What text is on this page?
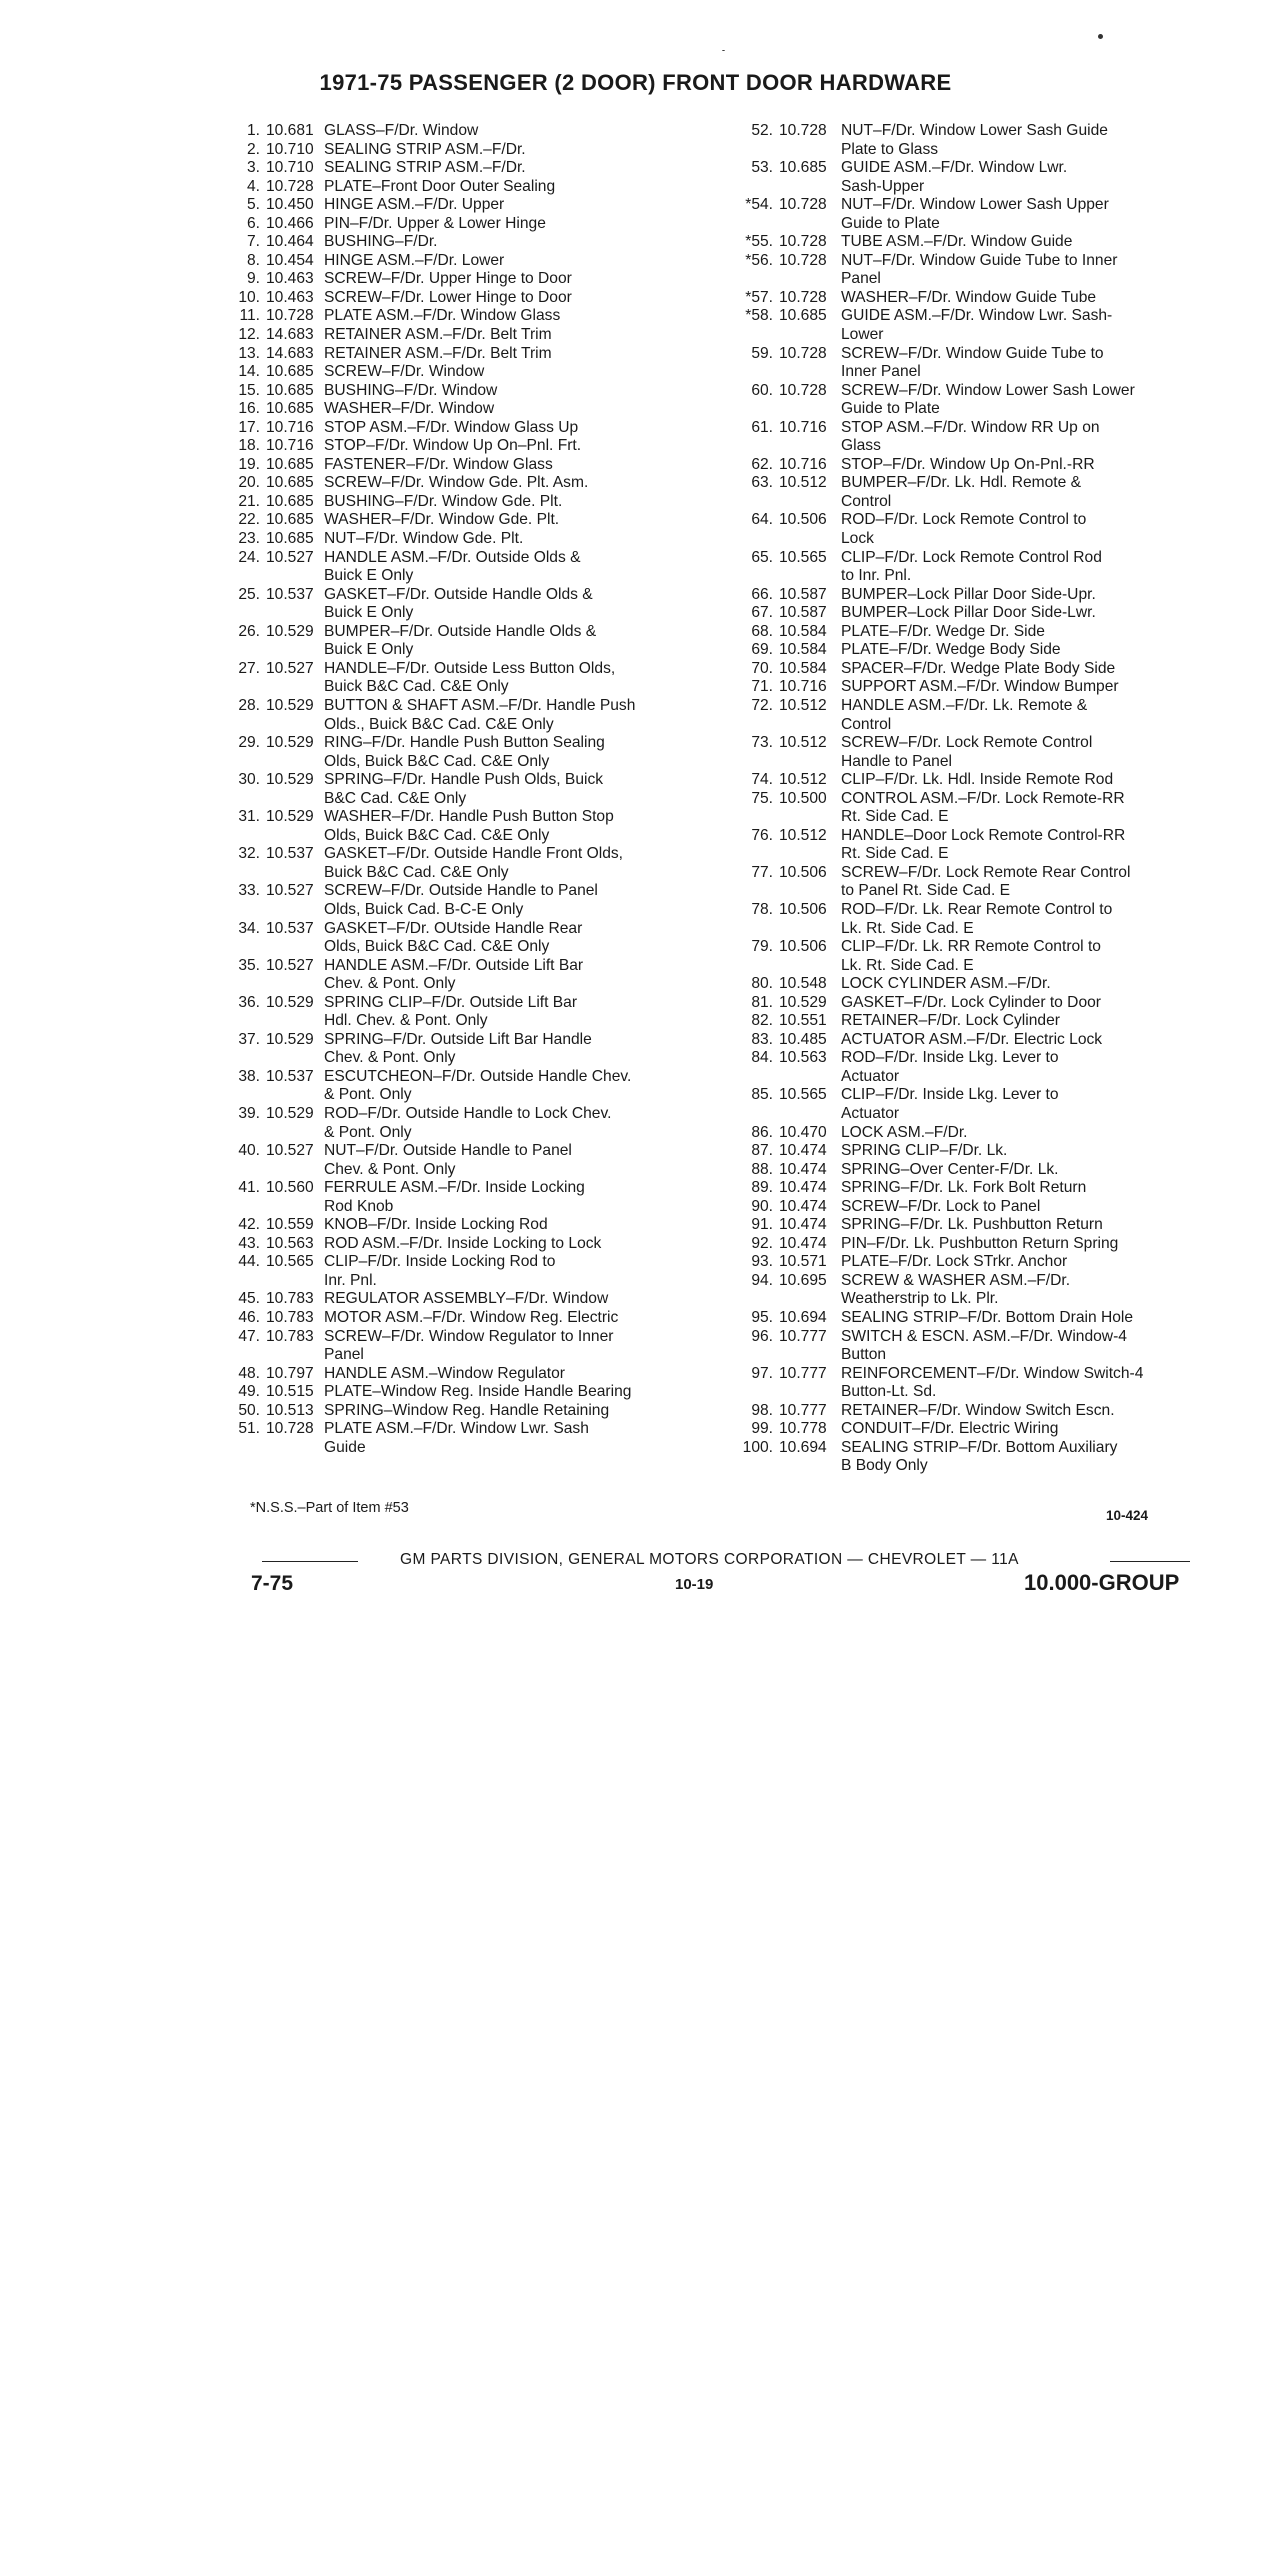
1971-75 PASSENGER (2 DOOR) FRONT DOOR HARDWARE
1. 10.681 GLASS–F/Dr. Window
2. 10.710 SEALING STRIP ASM.–F/Dr.
3. 10.710 SEALING STRIP ASM.–F/Dr.
4. 10.728 PLATE–Front Door Outer Sealing
5. 10.450 HINGE ASM.–F/Dr. Upper
6. 10.466 PIN–F/Dr. Upper & Lower Hinge
7. 10.464 BUSHING–F/Dr.
8. 10.454 HINGE ASM.–F/Dr. Lower
9. 10.463 SCREW–F/Dr. Upper Hinge to Door
10. 10.463 SCREW–F/Dr. Lower Hinge to Door
11. 10.728 PLATE ASM.–F/Dr. Window Glass
12. 14.683 RETAINER ASM.–F/Dr. Belt Trim
13. 14.683 RETAINER ASM.–F/Dr. Belt Trim
14. 10.685 SCREW–F/Dr. Window
15. 10.685 BUSHING–F/Dr. Window
16. 10.685 WASHER–F/Dr. Window
17. 10.716 STOP ASM.–F/Dr. Window Glass Up
18. 10.716 STOP–F/Dr. Window Up On–Pnl. Frt.
19. 10.685 FASTENER–F/Dr. Window Glass
20. 10.685 SCREW–F/Dr. Window Gde. Plt. Asm.
21. 10.685 BUSHING–F/Dr. Window Gde. Plt.
22. 10.685 WASHER–F/Dr. Window Gde. Plt.
23. 10.685 NUT–F/Dr. Window Gde. Plt.
24. 10.527 HANDLE ASM.–F/Dr. Outside Olds &
Buick E Only
25. 10.537 GASKET–F/Dr. Outside Handle Olds &
Buick E Only
26. 10.529 BUMPER–F/Dr. Outside Handle Olds &
Buick E Only
27. 10.527 HANDLE–F/Dr. Outside Less Button Olds,
Buick B&C Cad. C&E Only
28. 10.529 BUTTON & SHAFT ASM.–F/Dr. Handle Push
Olds., Buick B&C Cad. C&E Only
29. 10.529 RING–F/Dr. Handle Push Button Sealing
Olds, Buick B&C Cad. C&E Only
30. 10.529 SPRING–F/Dr. Handle Push Olds, Buick
B&C Cad. C&E Only
31. 10.529 WASHER–F/Dr. Handle Push Button Stop
Olds, Buick B&C Cad. C&E Only
32. 10.537 GASKET–F/Dr. Outside Handle Front Olds,
Buick B&C Cad. C&E Only
33. 10.527 SCREW–F/Dr. Outside Handle to Panel
Olds, Buick Cad. B-C-E Only
34. 10.537 GASKET–F/Dr. OUtside Handle Rear
Olds, Buick B&C Cad. C&E Only
35. 10.527 HANDLE ASM.–F/Dr. Outside Lift Bar
Chev. & Pont. Only
36. 10.529 SPRING CLIP–F/Dr. Outside Lift Bar
Hdl. Chev. & Pont. Only
37. 10.529 SPRING–F/Dr. Outside Lift Bar Handle
Chev. & Pont. Only
38. 10.537 ESCUTCHEON–F/Dr. Outside Handle Chev.
& Pont. Only
39. 10.529 ROD–F/Dr. Outside Handle to Lock Chev.
& Pont. Only
40. 10.527 NUT–F/Dr. Outside Handle to Panel
Chev. & Pont. Only
41. 10.560 FERRULE ASM.–F/Dr. Inside Locking
Rod Knob
42. 10.559 KNOB–F/Dr. Inside Locking Rod
43. 10.563 ROD ASM.–F/Dr. Inside Locking to Lock
44. 10.565 CLIP–F/Dr. Inside Locking Rod to
Inr. Pnl.
45. 10.783 REGULATOR ASSEMBLY–F/Dr. Window
46. 10.783 MOTOR ASM.–F/Dr. Window Reg. Electric
47. 10.783 SCREW–F/Dr. Window Regulator to Inner
Panel
48. 10.797 HANDLE ASM.–Window Regulator
49. 10.515 PLATE–Window Reg. Inside Handle Bearing
50. 10.513 SPRING–Window Reg. Handle Retaining
51. 10.728 PLATE ASM.–F/Dr. Window Lwr. Sash
Guide
52. 10.728 NUT–F/Dr. Window Lower Sash Guide
Plate to Glass
53. 10.685 GUIDE ASM.–F/Dr. Window Lwr.
Sash-Upper
*54. 10.728 NUT–F/Dr. Window Lower Sash Upper
Guide to Plate
*55. 10.728 TUBE ASM.–F/Dr. Window Guide
*56. 10.728 NUT–F/Dr. Window Guide Tube to Inner
Panel
*57. 10.728 WASHER–F/Dr. Window Guide Tube
*58. 10.685 GUIDE ASM.–F/Dr. Window Lwr. Sash-
Lower
59. 10.728 SCREW–F/Dr. Window Guide Tube to
Inner Panel
60. 10.728 SCREW–F/Dr. Window Lower Sash Lower
Guide to Plate
61. 10.716 STOP ASM.–F/Dr. Window RR Up on
Glass
62. 10.716 STOP–F/Dr. Window Up On-Pnl.-RR
63. 10.512 BUMPER–F/Dr. Lk. Hdl. Remote &
Control
64. 10.506 ROD–F/Dr. Lock Remote Control to
Lock
65. 10.565 CLIP–F/Dr. Lock Remote Control Rod
to Inr. Pnl.
66. 10.587 BUMPER–Lock Pillar Door Side-Upr.
67. 10.587 BUMPER–Lock Pillar Door Side-Lwr.
68. 10.584 PLATE–F/Dr. Wedge Dr. Side
69. 10.584 PLATE–F/Dr. Wedge Body Side
70. 10.584 SPACER–F/Dr. Wedge Plate Body Side
71. 10.716 SUPPORT ASM.–F/Dr. Window Bumper
72. 10.512 HANDLE ASM.–F/Dr. Lk. Remote &
Control
73. 10.512 SCREW–F/Dr. Lock Remote Control
Handle to Panel
74. 10.512 CLIP–F/Dr. Lk. Hdl. Inside Remote Rod
75. 10.500 CONTROL ASM.–F/Dr. Lock Remote-RR
Rt. Side Cad. E
76. 10.512 HANDLE–Door Lock Remote Control-RR
Rt. Side Cad. E
77. 10.506 SCREW–F/Dr. Lock Remote Rear Control
to Panel Rt. Side Cad. E
78. 10.506 ROD–F/Dr. Lk. Rear Remote Control to
Lk. Rt. Side Cad. E
79. 10.506 CLIP–F/Dr. Lk. RR Remote Control to
Lk. Rt. Side Cad. E
80. 10.548 LOCK CYLINDER ASM.–F/Dr.
81. 10.529 GASKET–F/Dr. Lock Cylinder to Door
82. 10.551 RETAINER–F/Dr. Lock Cylinder
83. 10.485 ACTUATOR ASM.–F/Dr. Electric Lock
84. 10.563 ROD–F/Dr. Inside Lkg. Lever to
Actuator
85. 10.565 CLIP–F/Dr. Inside Lkg. Lever to
Actuator
86. 10.470 LOCK ASM.–F/Dr.
87. 10.474 SPRING CLIP–F/Dr. Lk.
88. 10.474 SPRING–Over Center-F/Dr. Lk.
89. 10.474 SPRING–F/Dr. Lk. Fork Bolt Return
90. 10.474 SCREW–F/Dr. Lock to Panel
91. 10.474 SPRING–F/Dr. Lk. Pushbutton Return
92. 10.474 PIN–F/Dr. Lk. Pushbutton Return Spring
93. 10.571 PLATE–F/Dr. Lock STrkr. Anchor
94. 10.695 SCREW & WASHER ASM.–F/Dr.
Weatherstrip to Lk. Plr.
95. 10.694 SEALING STRIP–F/Dr. Bottom Drain Hole
96. 10.777 SWITCH & ESCN. ASM.–F/Dr. Window-4
Button
97. 10.777 REINFORCEMENT–F/Dr. Window Switch-4
Button-Lt. Sd.
98. 10.777 RETAINER–F/Dr. Window Switch Escn.
99. 10.778 CONDUIT–F/Dr. Electric Wiring
100. 10.694 SEALING STRIP–F/Dr. Bottom Auxiliary
B Body Only
*N.S.S.–Part of Item #53	10-424
GM PARTS DIVISION, GENERAL MOTORS CORPORATION — CHEVROLET — 11A
7-75	10-19	10.000-GROUP
